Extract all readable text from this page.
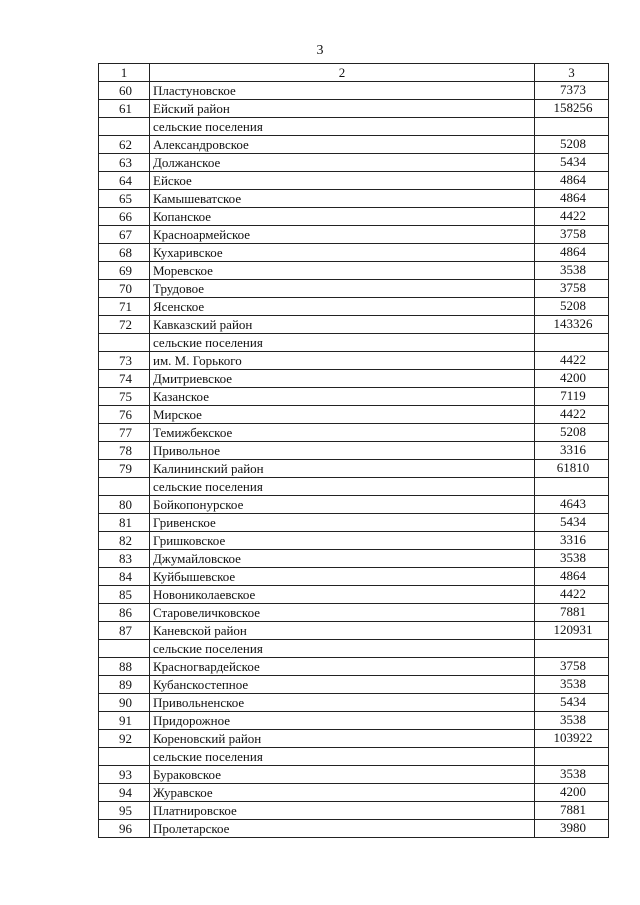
3
1	2	3
60	Пластуновское	7373
61	Ейский район	158256
	сельские поселения	
62	Александровское	5208
63	Должанское	5434
64	Ейское	4864
65	Камышеватское	4864
66	Копанское	4422
67	Красноармейское	3758
68	Кухаривское	4864
69	Моревское	3538
70	Трудовое	3758
71	Ясенское	5208
72	Кавказский район	143326
	сельские поселения	
73	им. М. Горького	4422
74	Дмитриевское	4200
75	Казанское	7119
76	Мирское	4422
77	Темижбекское	5208
78	Привольное	3316
79	Калининский район	61810
	сельские поселения	
80	Бойкопонурское	4643
81	Гривенское	5434
82	Гришковское	3316
83	Джумайловское	3538
84	Куйбышевское	4864
85	Новониколаевское	4422
86	Старовеличковское	7881
87	Каневской район	120931
	сельские поселения	
88	Красногвардейское	3758
89	Кубанскостепное	3538
90	Привольненское	5434
91	Придорожное	3538
92	Кореновский район	103922
	сельские поселения	
93	Бураковское	3538
94	Журавское	4200
95	Платнировское	7881
96	Пролетарское	3980
